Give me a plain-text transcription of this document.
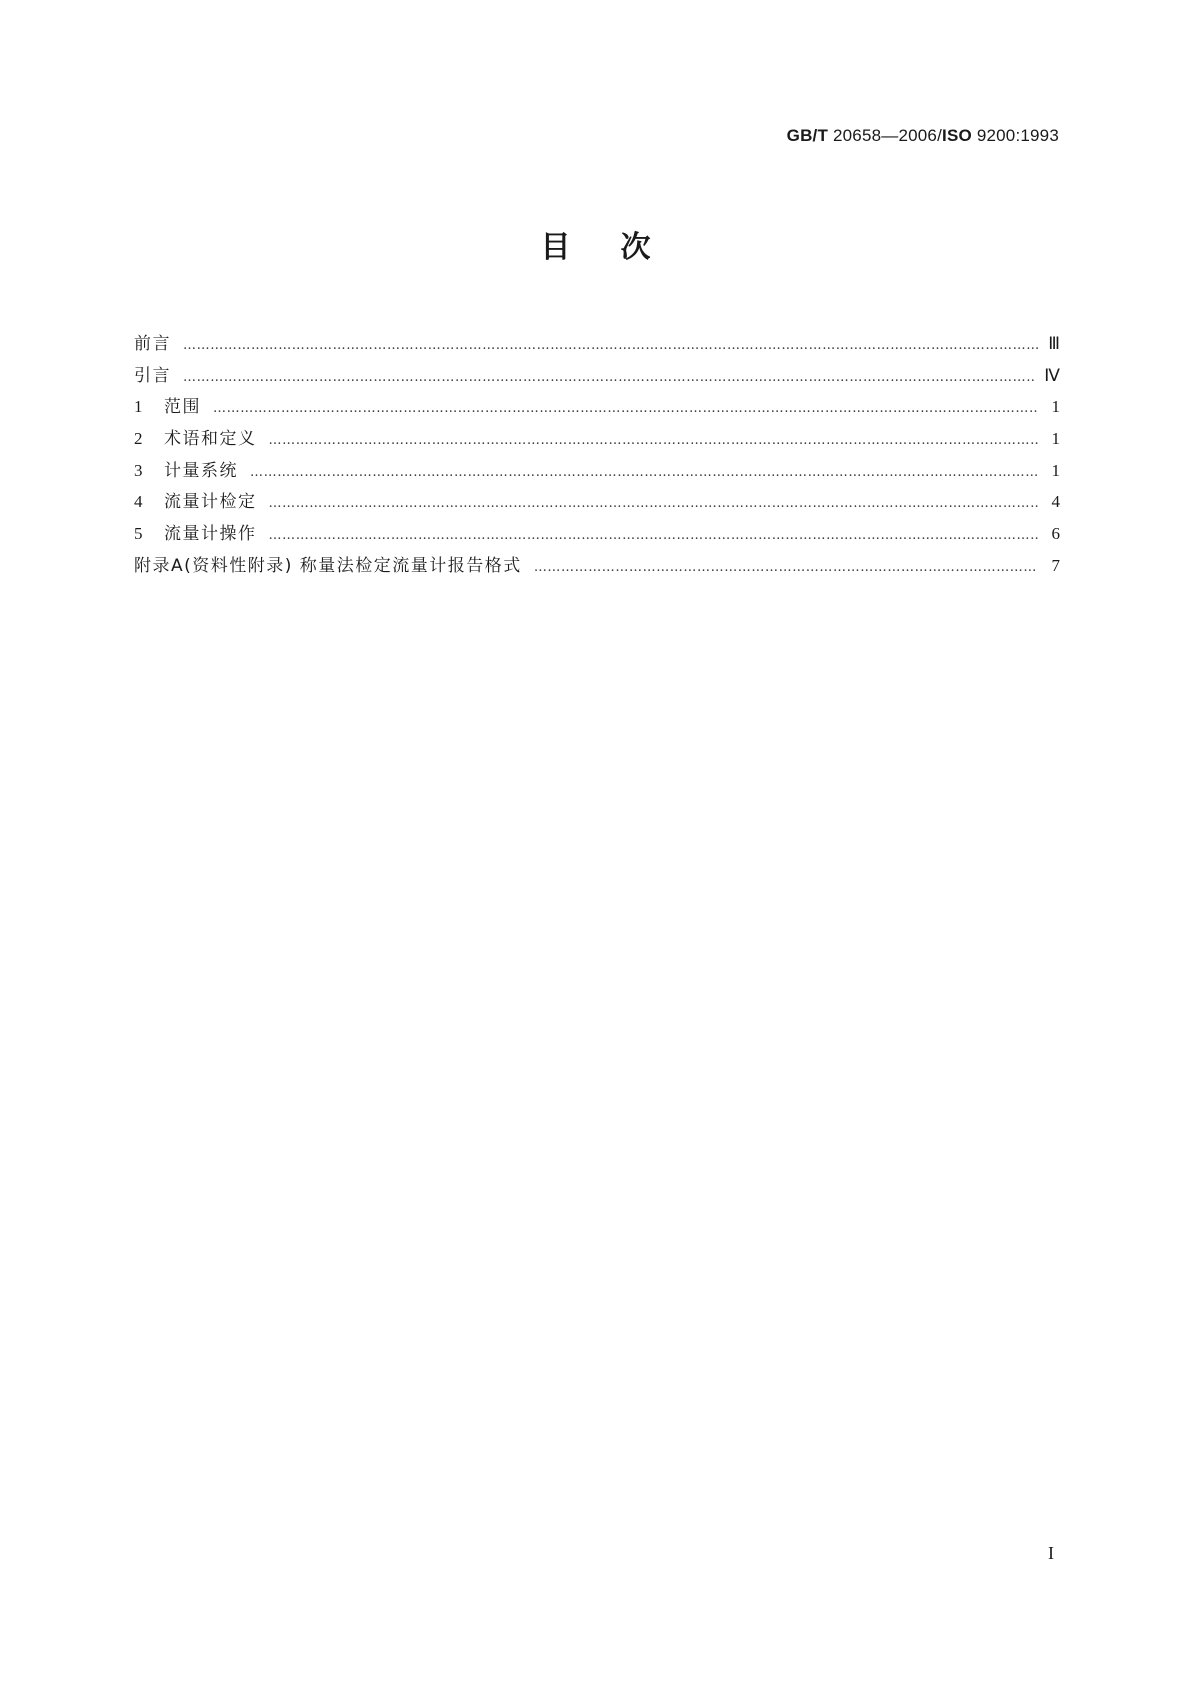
GB/T 20658—2006/ISO 9200:1993
目次
前言 …………………………………………………………………………………………………………………………………………………………………………………………………………………………………………………………………………	Ⅲ
引言 …………………………………………………………………………………………………………………………………………………………………………………………………………………………………………………………………………	Ⅳ
1 范围 …………………………………………………………………………………………………………………………………………………………………………………………………………………………………………………………………………	1
2 术语和定义 …………………………………………………………………………………………………………………………………………………………………………………………………………………………………………………………………………	1
3 计量系统 …………………………………………………………………………………………………………………………………………………………………………………………………………………………………………………………………………	1
4 流量计检定 …………………………………………………………………………………………………………………………………………………………………………………………………………………………………………………………………………	4
5 流量计操作 …………………………………………………………………………………………………………………………………………………………………………………………………………………………………………………………………………	6
附录A(资料性附录) 称量法检定流量计报告格式 …………………………………………………………………………………………………………………………………………………………………………………………………………………………………………………………………………	7
I
